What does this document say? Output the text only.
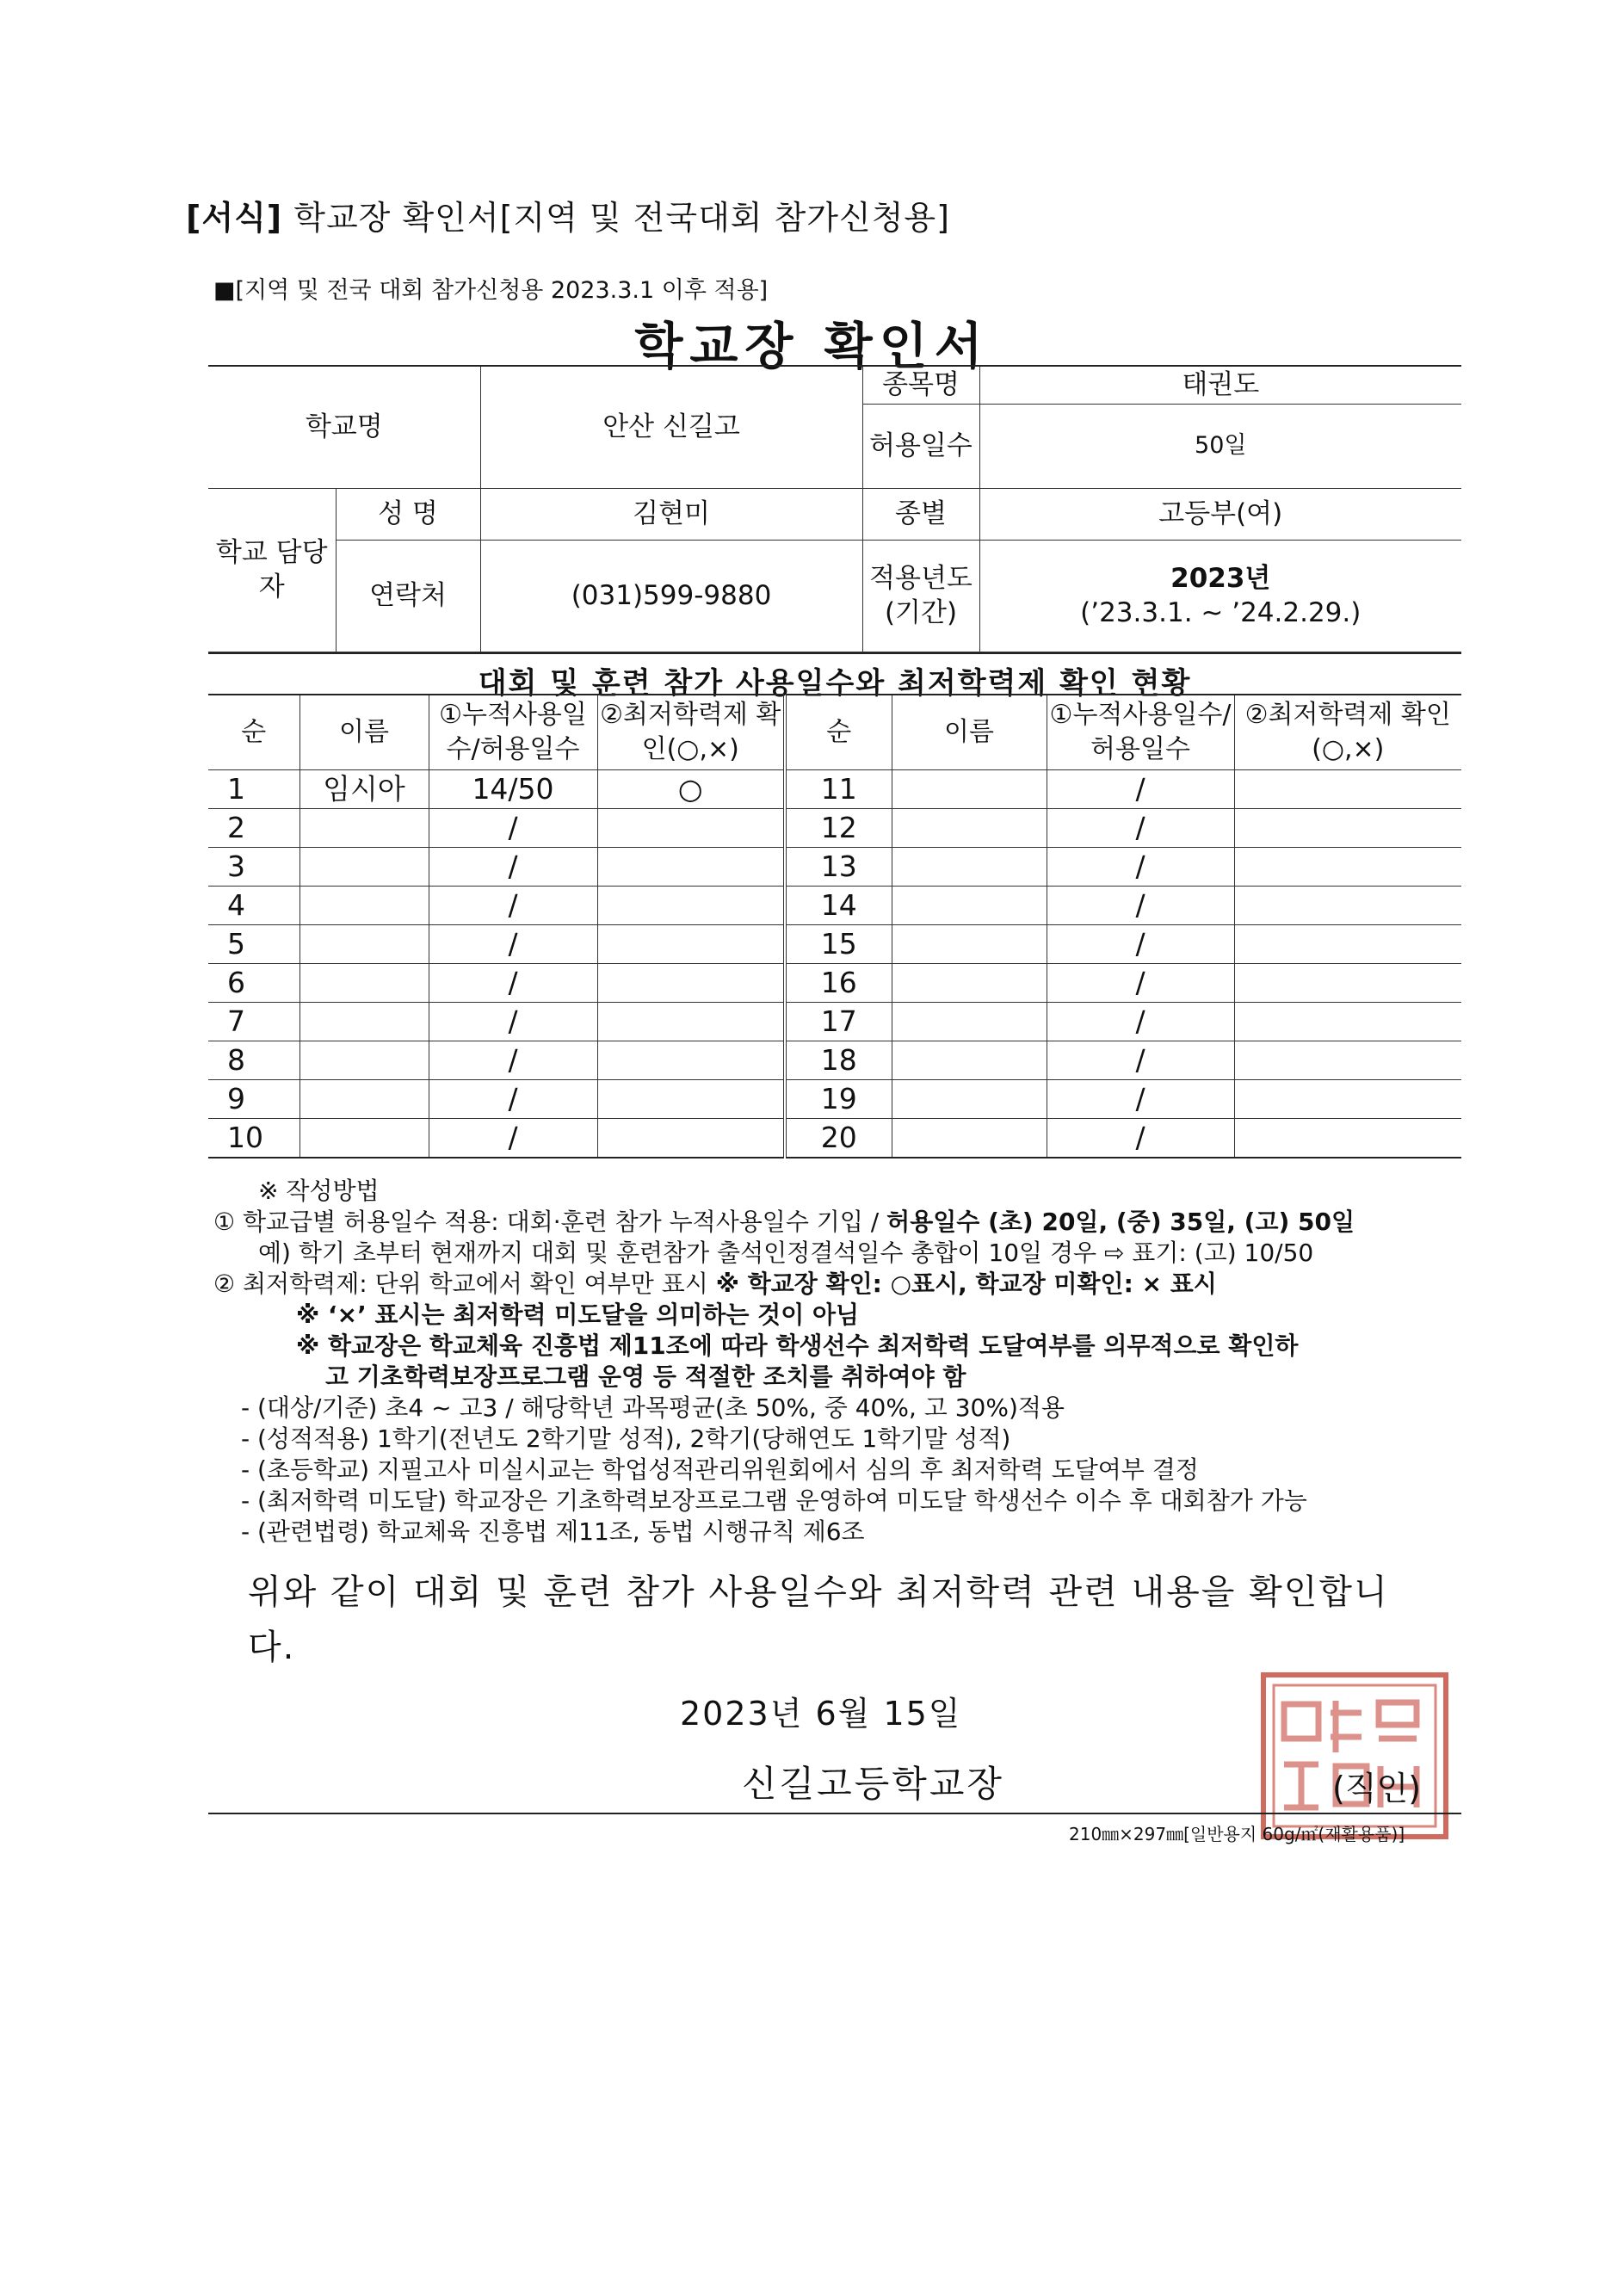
[서식] 학교장 확인서[지역 및 전국대회 참가신청용]
■[지역 및 전국 대회 참가신청용 2023.3.1 이후 적용]
학교장 확인서
학교명		안산 신길고	종목명	태권도
			허용일수	50일
학교 담당자	성 명	김현미	종별	고등부(여)
	연락처	(031)599-9880	적용년도 (기간)	2023년
(’23.3.1. ~ ’24.2.29.)
대회 및 훈련 참가 사용일수와 최저학력제 확인 현황
순	이름	①누적사용일수/허용일수	②최저학력제 확인(○,×)	순	이름	①누적사용일수/허용일수	②최저학력제 확인(○,×)
1	임시아	14/50	○	11		/	
2		/		12		/	
3		/		13		/	
4		/		14		/	
5		/		15		/	
6		/		16		/	
7		/		17		/	
8		/		18		/	
9		/		19		/	
10		/		20		/	
※ 작성방법
① 학교급별 허용일수 적용: 대회·훈련 참가 누적사용일수 기입 / 허용일수 (초) 20일, (중) 35일, (고) 50일
예) 학기 초부터 현재까지 대회 및 훈련참가 출석인정결석일수 총합이 10일 경우 ⇨ 표기: (고) 10/50
② 최저학력제: 단위 학교에서 확인 여부만 표시 ※ 학교장 확인: ○표시, 학교장 미확인: × 표시
※ ‘×’ 표시는 최저학력 미도달을 의미하는 것이 아님
※ 학교장은 학교체육 진흥법 제11조에 따라 학생선수 최저학력 도달여부를 의무적으로 확인하
고 기초학력보장프로그램 운영 등 적절한 조치를 취하여야 함
- (대상/기준) 초4 ~ 고3 / 해당학년 과목평균(초 50%, 중 40%, 고 30%)적용
- (성적적용) 1학기(전년도 2학기말 성적), 2학기(당해연도 1학기말 성적)
- (초등학교) 지필고사 미실시교는 학업성적관리위원회에서 심의 후 최저학력 도달여부 결정
- (최저학력 미도달) 학교장은 기초학력보장프로그램 운영하여 미도달 학생선수 이수 후 대회참가 가능
- (관련법령) 학교체육 진흥법 제11조, 동법 시행규칙 제6조
위와 같이 대회 및 훈련 참가 사용일수와 최저학력 관련 내용을 확인합니다.
2023년 6월 15일
신길고등학교장	(직인)
210㎜×297㎜[일반용지 60g/㎡(재활용품)]
